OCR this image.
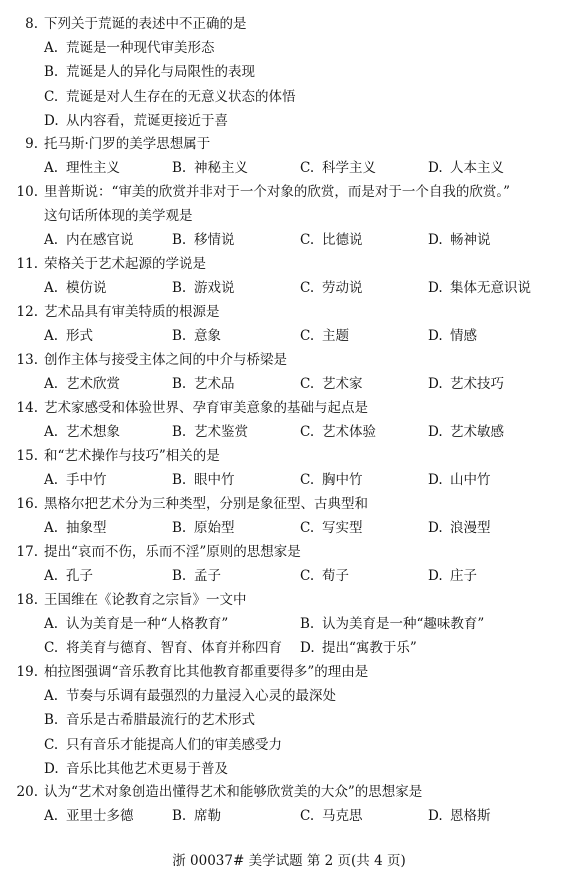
8. 下列关于荒诞的表述中不正确的是
A. 荒诞是一种现代审美形态
B. 荒诞是人的异化与局限性的表现
C. 荒诞是对人生存在的无意义状态的体悟
D. 从内容看，荒诞更接近于喜
9. 托马斯·门罗的美学思想属于
A. 理性主义	B. 神秘主义	C. 科学主义	D. 人本主义
10. 里普斯说：“审美的欣赏并非对于一个对象的欣赏，而是对于一个自我的欣赏。”
这句话所体现的美学观是
A. 内在感官说	B. 移情说	C. 比德说	D. 畅神说
11. 荣格关于艺术起源的学说是
A. 模仿说	B. 游戏说	C. 劳动说	D. 集体无意识说
12. 艺术品具有审美特质的根源是
A. 形式	B. 意象	C. 主题	D. 情感
13. 创作主体与接受主体之间的中介与桥梁是
A. 艺术欣赏	B. 艺术品	C. 艺术家	D. 艺术技巧
14. 艺术家感受和体验世界、孕育审美意象的基础与起点是
A. 艺术想象	B. 艺术鉴赏	C. 艺术体验	D. 艺术敏感
15. 和“艺术操作与技巧”相关的是
A. 手中竹	B. 眼中竹	C. 胸中竹	D. 山中竹
16. 黑格尔把艺术分为三种类型，分别是象征型、古典型和
A. 抽象型	B. 原始型	C. 写实型	D. 浪漫型
17. 提出“哀而不伤，乐而不淫”原则的思想家是
A. 孔子	B. 孟子	C. 荀子	D. 庄子
18. 王国维在《论教育之宗旨》一文中
A. 认为美育是一种“人格教育”	B. 认为美育是一种“趣味教育”
C. 将美育与德育、智育、体育并称四育 D. 提出“寓教于乐”
19. 柏拉图强调“音乐教育比其他教育都重要得多”的理由是
A. 节奏与乐调有最强烈的力量浸入心灵的最深处
B. 音乐是古希腊最流行的艺术形式
C. 只有音乐才能提高人们的审美感受力
D. 音乐比其他艺术更易于普及
20. 认为“艺术对象创造出懂得艺术和能够欣赏美的大众”的思想家是
A. 亚里士多德	B. 席勒	C. 马克思	D. 恩格斯
浙 00037# 美学试题 第 2 页(共 4 页)
